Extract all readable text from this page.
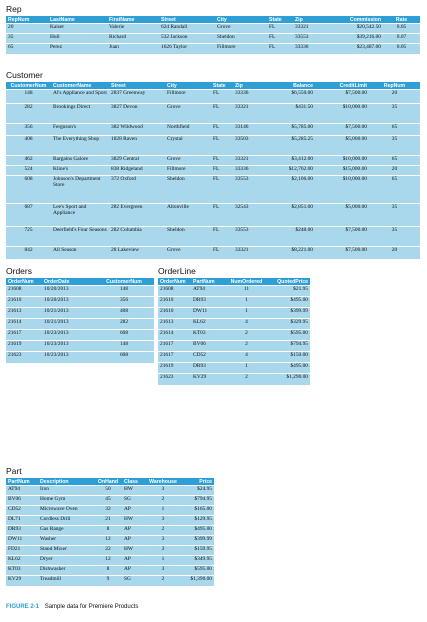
Rep
RepNum	LastName	FirstName	Street	City	State	Zip	Commission	Rate
20	Kaiser	Valerie	624 Randall	Grove	FL	33321	$20,542.50	0.05
35	Hull	Richard	532 Jackson	Sheldon	FL	33553	$39,216.00	0.07
65	Perez	Juan	1626 Taylor	Fillmore	FL	33336	$23,487.00	0.05
Customer
CustomerNum	CustomerName	Street	City	State	Zip	Balance	CreditLimit	RepNum
148	Al's Appliance and Sport	2837 Greenway	Fillmore	FL	33336	$6,550.00	$7,500.00	20
282	Brookings Direct	3827 Devon	Grove	FL	33321	$431.50	$10,000.00	35
356	Ferguson's	382 Wildwood	Northfield	FL	33146	$5,785.00	$7,500.00	65
408	The Everything Shop	1828 Raven	Crystal	FL	33503	$5,285.25	$5,000.00	35
462	Bargains Galore	3829 Central	Grove	FL	33321	$3,412.00	$10,000.00	65
524	Kline's	838 Ridgeland	Fillmore	FL	33336	$12,762.00	$15,000.00	20
608	Johnson's Department Store	372 Oxford	Sheldon	FL	33553	$2,106.00	$10,000.00	65
687	Lee's Sport and Appliance	282 Evergreen	Altonville	FL	32543	$2,851.00	$5,000.00	35
725	Deerfield's Four Seasons	282 Columbia	Sheldon	FL	33553	$248.00	$7,500.00	35
842	All Season	28 Lakeview	Grove	FL	33321	$8,221.00	$7,500.00	20
Orders
OrderNum	OrderDate	CustomerNum
21608	10/20/2013	148
21610	10/20/2013	356
21613	10/21/2013	408
21614	10/21/2013	282
21617	10/23/2013	608
21619	10/23/2013	148
21623	10/23/2013	608
OrderLine
OrderNum	PartNum	NumOrdered	QuotedPrice
21608	AT94	11	$21.95
21610	DR93	1	$495.00
21610	DW11	1	$399.99
21613	KL62	4	$329.95
21614	KT03	2	$595.00
21617	BV06	2	$794.95
21617	CD52	4	$150.00
21619	DR93	1	$495.00
21623	KV29	2	$1,290.00
Part
PartNum	Description	OnHand	Class	Warehouse	Price
AT94	Iron	50	HW	3	$24.95
BV06	Home Gym	45	SG	2	$794.95
CD52	Microwave Oven	32	AP	1	$165.00
DL71	Cordless Drill	21	HW	3	$129.95
DR93	Gas Range	8	AP	2	$495.00
DW11	Washer	12	AP	3	$399.99
FD21	Stand Mixer	22	HW	3	$159.95
KL62	Dryer	12	AP	1	$349.95
KT03	Dishwasher	8	AP	3	$595.00
KV29	Treadmill	9	SG	2	$1,390.00
FIGURE 2-1 Sample data for Premiere Products
